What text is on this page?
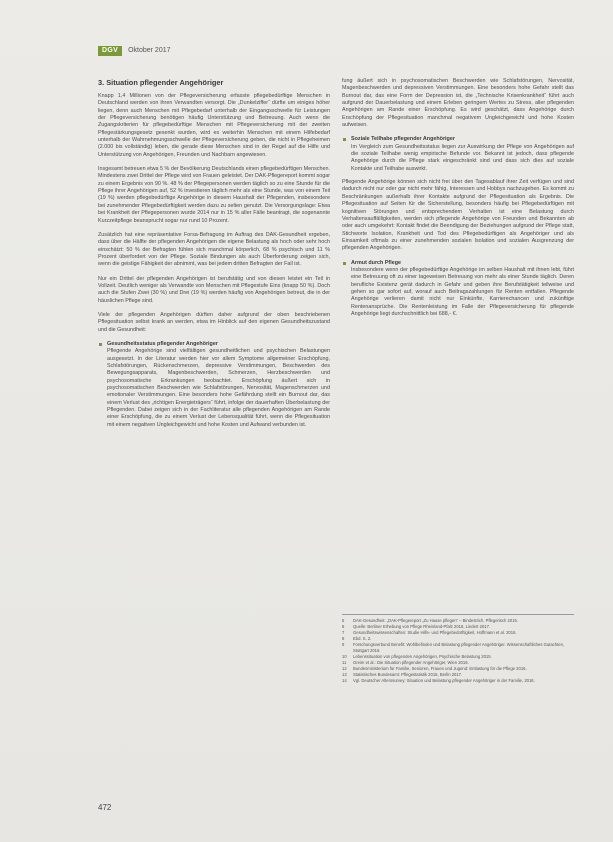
DGV	Oktober 2017
3. Situation pflegender Angehöriger

Knapp 1,4 Millionen von der Pflegeversicherung erfasste pflegebedürftige Menschen in Deutschland werden von ihren Verwandten versorgt. Die „Dunkelziffer“ dürfte um einiges höher liegen, denn auch Menschen mit Pflegebedarf unterhalb der Eingangsschwelle für Leistungen der Pflegeversicherung benötigen häufig Unterstützung und Betreuung. Auch wenn die Zugangskriterien für pflegebedürftige Menschen mit Pflegeversicherung mit der zweiten Pflegestärkungsgesetz gesenkt wurden, wird es weiterhin Menschen mit einem Hilfebedarf unterhalb der Wahrnehmungsschwelle der Pflegeversicherung geben, die nicht in Pflegeheimen (2.000 bis vollständig) leben, die gerade diese Menschen sind in der Regel auf die Hilfe und Unterstützung von Angehörigen, Freunden und Nachbarn angewiesen.

Insgesamt betreuen etwa 5 % der Bevölkerung Deutschlands einen pflegebedürftigen Menschen. Mindestens zwei Drittel der Pflege wird von Frauen geleistet. Der DAK-Pflegereport kommt sogar zu einem Ergebnis von 90 %. 48 % der Pflegepersonen werden täglich so zu eine Stunde für die Pflege ihrer Angehörigen auf, 52 % investieren täglich mehr als eine Stunde, was von einem Teil (19 %) werden pflegebedürftige Angehörige in diesem Haushalt der Pflegenden, insbesondere bei zunehmender Pflegebedürftigkeit werden dazu zu selten genutzt. Die Versorgungslage: Etwa bei Krankheit der Pflegepersonen wurde 2014 nur in 15 % aller Fälle beantragt, die sogenannte Kurzzeitpflege beansprucht sogar nur rund 10 Prozent.

Zusätzlich hat eine repräsentative Forsa-Befragung im Auftrag des DAK-Gesundheit ergeben, dass über die Hälfte der pflegenden Angehörigen die eigene Belastung als hoch oder sehr hoch einschätzt: 50 % der Befragten fühlen sich manchmal körperlich, 68 % psychisch und 11 % Prozent überfordert von der Pflege. Soziale Bindungen als auch Überforderung zeigen sich, wenn die geistige Fähigkeit der abnimmt, was bei jedem dritten Befragten der Fall ist.

Nur ein Drittel der pflegenden Angehörigen ist berufstätig und von diesen leistet ein Teil in Vollzeit. Deutlich weniger als Verwandte von Menschen mit Pflegestufe Eins (knapp 50 %). Doch auch die Stufen Zwei (30 %) und Drei (19 %) werden häufig von Angehörigen betreut, die in der häuslichen Pflege sind.

Viele der pflegenden Angehörigen dürften daher aufgrund der oben beschriebenen Pflegesituation selbst krank an werden, etwa im Hinblick auf den eigenen Gesundheitszustand und die Gesundheit:

Gesundheitsstatus pflegender Angehöriger
Pflegende Angehörige sind vielfältigen gesundheitlichen und psychischen Belastungen ausgesetzt. In der Literatur werden hier vor allem Symptome allgemeiner Erschöpfung, Schlafstörungen, Rückenschmerzen, depressive Verstimmungen, Beschwerden des Bewegungsapparats, Magenbeschwerden, Schmerzen, Herzbeschwerden und psychosomatische Erkrankungen beobachtet. Erschöpfung äußert sich in psychosomatischen Beschwerden wie Schlafstörungen, Nervosität, Magenschmerzen und emotionaler Verstimmungen. Eine besonders hohe Gefährdung stellt ein Burnout dar, das einem Verlust des „richtigen Energieträgers“ führt, infolge der dauerhaften Überbelastung der Pflegenden. Dabei zeigen sich in der Fachliteratur alle pflegenden Angehörigen am Rande einer Erschöpfung, die zu einem Verlust der Lebensqualität führt, wenn die Pflegesituation mit einem negativen Ungleichgewicht und hohe Kosten und Aufwand verbunden ist.

fung äußert sich in psychosomatischen Beschwerden wie Schlafstörungen, Nervosität, Magenbeschwerden und depressiven Verstimmungen. Eine besonders hohe Gefahr stellt das Burnout dar, das eine Form der Depression ist, die „Technische Krisenkrankheit“ führt auch aufgrund der Dauerbelastung und einem Erleben geringem Wertes zu Stress, aller pflegenden Angehörigen am Rande einer Erschöpfung. Es wird geschätzt, dass Angehörige durch Erschöpfung der Pflegesituation manchmal negativem Ungleichgewicht und hohe Kosten aufweisen.

Soziale Teilhabe pflegender Angehöriger
Im Vergleich zum Gesundheitsstatus liegen zur Auswirkung der Pflege von Angehörigen auf die soziale Teilhabe wenig empirische Befunde vor. Bekannt ist jedoch, dass pflegende Angehörige durch die Pflege stark eingeschränkt sind und dass sich dies auf soziale Kontakte und Teilhabe auswirkt.

Pflegende Angehörige können sich nicht frei über den Tagesablauf ihrer Zeit verfügen und sind dadurch nicht nur oder gar nicht mehr fähig, Interessen und Hobbys nachzugehen. Es kommt zu Beschränkungen außerhalb ihrer Kontakte aufgrund der Pflegesituation als Ergebnis. Die Pflegesituation auf Seiten für die Sicherstellung, besonders häufig bei Pflegebedürftigen mit kognitiven Störungen und entsprechendem Verhalten ist eine Belastung durch Verhaltensauffälligkeiten, werden sich pflegende Angehörige von Freunden und Bekannten ab oder auch umgekehrt: Kontakt findet die Beendigung der Beziehungen aufgrund der Pflege statt, Stichworte Isolation, Krankheit und Tod des Pflegebedürftigen als Angehöriger und als Einsamkeit oftmals zu einer zunehmenden sozialen Isolation und sozialen Ausgrenzung der pflegenden Angehörigen.

Armut durch Pflege
Insbesondere wenn der pflegebedürftige Angehörige im selben Haushalt mit ihnen lebt, führt eine Betreuung oft zu einer tageweisen Betreuung von mehr als einer Stunde täglich. Deren berufliche Existenz gerät dadurch in Gefahr und geben ihre Berufstätigkeit teilweise und gehen so gar sofort auf, worauf auch Beitragszahlungen für Renten entfallen. Pflegende Angehörige verlieren damit nicht nur Einkünfte, Karrierechancen und zukünftige Rentenansprüche. Die Rentenleistung im Falle der Pflegeversicherung für pflegende Angehörige liegt durchschnittlich bei 688,- €.
5	DAK-Gesundheit: „DAK-Pflegereport „Zu Hause pflegen“ – Bindestrich. Pflegerisch 2015.
6	Quelle: Berliner Erhebung von Pflege Rheinland-Pfalz 2016, Lindert 2017.
7	Gesundheitswissenschaften: Studie Hilfe- und Pflegebedürftigkeit, Hoffmann et al. 2016.
8	Ebd. S. 2.
9	Forschungsverbund Benefit: Wohlbefinden und Belastung pflegender Angehöriger. Wissenschaftliches Gutachten, Stuttgart 2016.
10	Lebenssituation von pflegenden Angehörigen, Psychische Belastung 2015.
11	Greim et al.: Die Situation pflegender Angehöriger, Wien 2016.
12	Bundesministerium für Familie, Senioren, Frauen und Jugend: Entlastung für die Pflege 2016.
13	Statistisches Bundesamt: Pflegestatistik 2015, Berlin 2017.
14	Vgl. Deutscher Alterssurvey: Situation und Belastung pflegender Angehöriger in der Familie, 2016.
472
